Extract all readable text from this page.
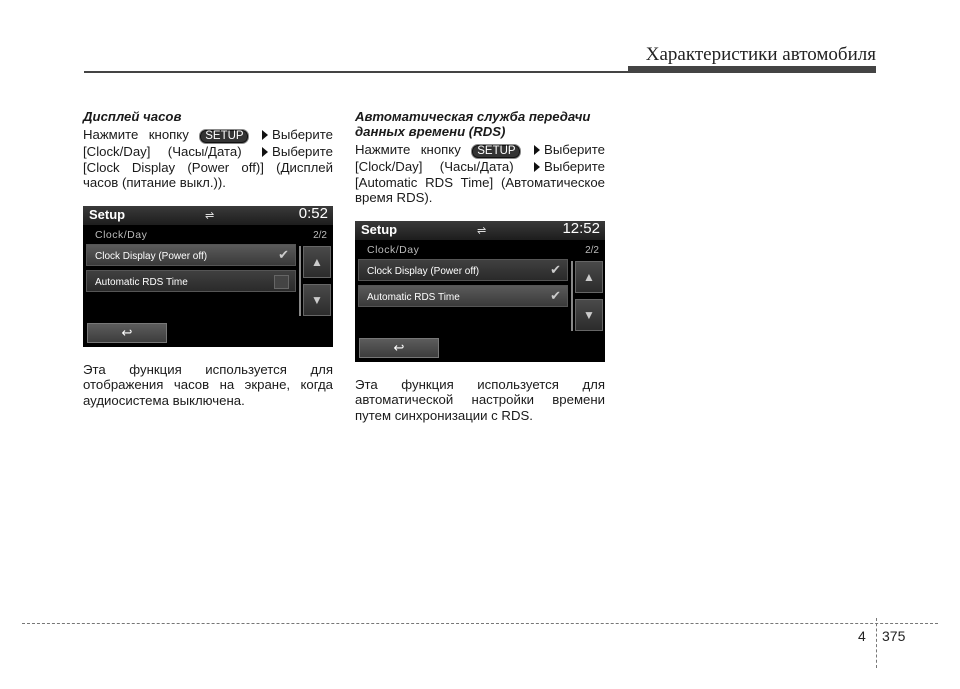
Характеристики автомобиля
Дисплей часов

Нажмите кнопку SETUP Выберите [Clock/Day] (Часы/Дата) Выберите [Clock Display (Power off)] (Дисплей часов (питание выкл.)).

Setup	⇌	0:52
Clock/Day	2/2
Clock Display (Power off)	✔
Automatic RDS Time
▲
▼
↩

Эта функция используется для отображения часов на экране, когда аудиосистема выключена.

Автоматическая служба передачи данных времени (RDS)

Нажмите кнопку SETUP Выберите [Clock/Day] (Часы/Дата) Выберите [Automatic RDS Time] (Автоматическое время RDS).

Setup	⇌	12:52
Clock/Day	2/2
Clock Display (Power off)	✔
Automatic RDS Time	✔
▲
▼
↩

Эта функция используется для автоматической настройки времени путем синхронизации с RDS.

4 375
